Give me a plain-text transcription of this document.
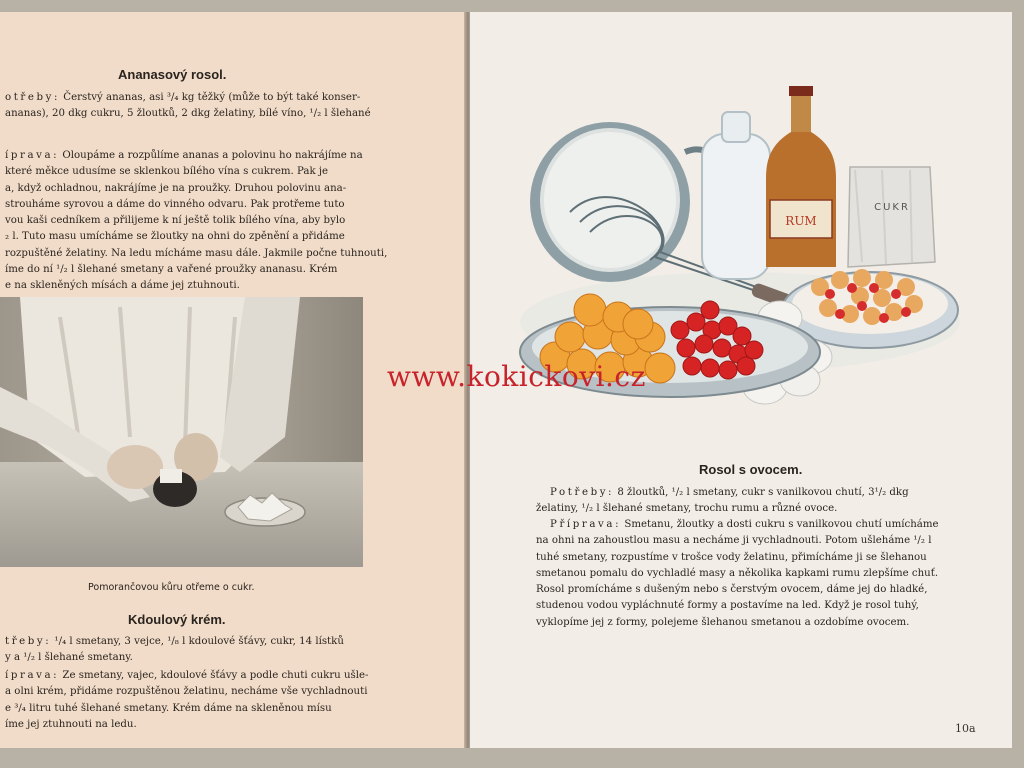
Ananasový rosol.
otřeby: Čerstvý ananas, asi ³/₄ kg těžký (může to být také konser-
ananas), 20 dkg cukru, 5 žloutků, 2 dkg želatiny, bílé víno, ¹/₂ l šlehané
íprava: Oloupáme a rozpůlíme ananas a polovinu ho nakrájíme na
které měkce udusíme se sklenkou bílého vína s cukrem. Pak je
a, když ochladnou, nakrájíme je na proužky. Druhou polovinu ana-
strouháme syrovou a dáme do vinného odvaru. Pak protřeme tuto
vou kaši cedníkem a přilijeme k ní ještě tolik bílého vína, aby bylo
₂ l. Tuto masu umícháme se žloutky na ohni do zpěnění a přidáme
rozpuštěné želatiny. Na ledu mícháme masu dále. Jakmile počne tuhnouti,
íme do ní ¹/₂ l šlehané smetany a vařené proužky ananasu. Krém
e na skleněných mísách a dáme jej ztuhnouti.
Pomorančovou kůru otřeme o cukr.
Kdoulový krém.
třeby: ¹/₄ l smetany, 3 vejce, ¹/₈ l kdoulové šťávy, cukr, 14 lístků
y a ¹/₂ l šlehané smetany.
íprava: Ze smetany, vajec, kdoulové šťávy a podle chuti cukru ušle-
a olni krém, přidáme rozpuštěnou želatinu, necháme vše vychladnouti
e ³/₄ litru tuhé šlehané smetany. Krém dáme na skleněnou mísu
íme jej ztuhnouti na ledu.
RUM
CUKR
Rosol s ovocem.
Potřeby: 8 žloutků, ¹/₂ l smetany, cukr s vanilkovou chutí, 3¹/₂ dkg
želatiny, ¹/₂ l šlehané smetany, trochu rumu a různé ovoce.
Příprava: Smetanu, žloutky a dosti cukru s vanilkovou chutí umícháme
na ohni na zahoustlou masu a necháme ji vychladnouti. Potom ušleháme ¹/₂ l
tuhé smetany, rozpustíme v trošce vody želatinu, přimícháme ji se šlehanou
smetanou pomalu do vychladlé masy a několika kapkami rumu zlepšíme chuť.
Rosol promícháme s dušeným nebo s čerstvým ovocem, dáme jej do hladké,
studenou vodou vypláchnuté formy a postavíme na led. Když je rosol tuhý,
vyklopíme jej z formy, polejeme šlehanou smetanou a ozdobíme ovocem.
10a
www.kokickovi.cz
